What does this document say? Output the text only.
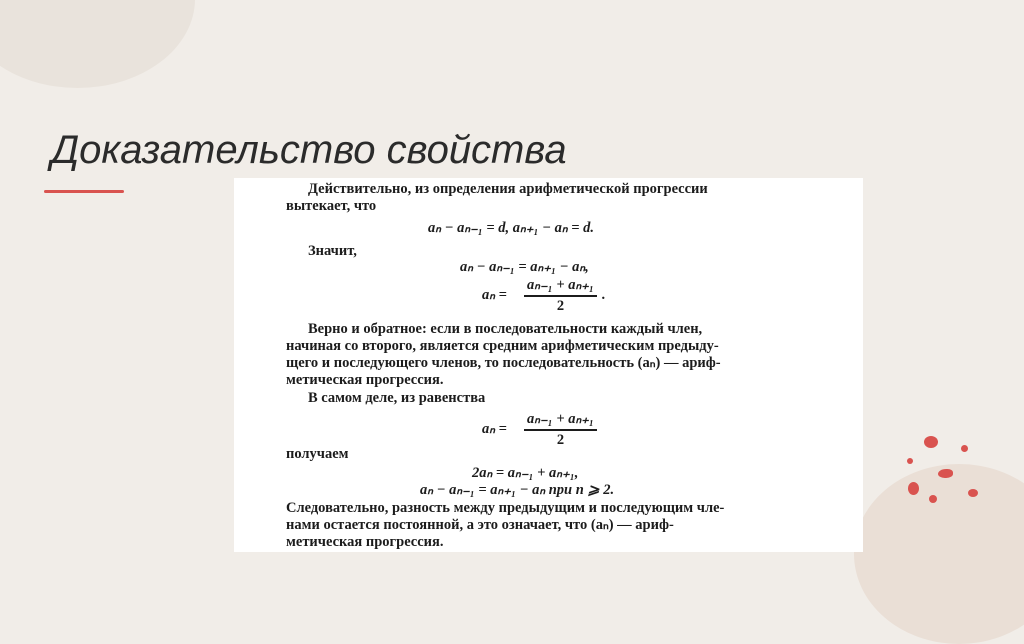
Доказательство свойства

Действительно, из определения арифметической прогрессии

вытекает, что

aₙ − aₙ₋₁ = d, aₙ₊₁ − aₙ = d.

Значит,

aₙ − aₙ₋₁ = aₙ₊₁ − aₙ,

aₙ =
aₙ₋₁ + aₙ₊₁
2
.

Верно и обратное: если в последовательности каждый член,

начиная со второго, является средним арифметическим предыду-

щего и последующего членов, то последовательность (aₙ) — ариф-

метическая прогрессия.

В самом деле, из равенства

aₙ =
aₙ₋₁ + aₙ₊₁
2

получаем

2aₙ = aₙ₋₁ + aₙ₊₁,

aₙ − aₙ₋₁ = aₙ₊₁ − aₙ при n ⩾ 2.

Следовательно, разность между предыдущим и последующим чле-

нами остается постоянной, а это означает, что (aₙ) — ариф-

метическая прогрессия.
